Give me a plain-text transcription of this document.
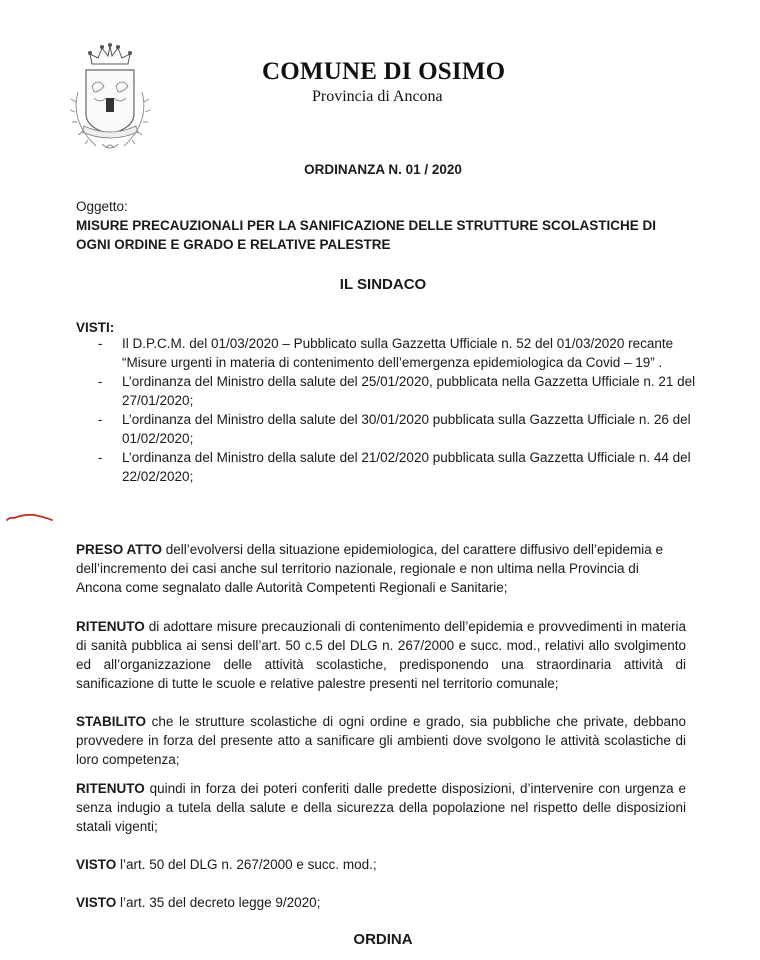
COMUNE DI OSIMO
Provincia di Ancona
ORDINANZA N. 01 / 2020
Oggetto:
MISURE PRECAUZIONALI PER LA SANIFICAZIONE DELLE STRUTTURE SCOLASTICHE DI OGNI ORDINE E GRADO E RELATIVE PALESTRE
IL SINDACO
VISTI:
- Il D.P.C.M. del 01/03/2020 – Pubblicato sulla Gazzetta Ufficiale n. 52 del 01/03/2020 recante “Misure urgenti in materia di contenimento dell’emergenza epidemiologica da Covid – 19” .
- L’ordinanza del Ministro della salute del 25/01/2020, pubblicata nella Gazzetta Ufficiale n. 21 del 27/01/2020;
- L’ordinanza del Ministro della salute del 30/01/2020 pubblicata sulla Gazzetta Ufficiale n. 26 del 01/02/2020;
- L’ordinanza del Ministro della salute del 21/02/2020 pubblicata sulla Gazzetta Ufficiale n. 44 del 22/02/2020;
PRESO ATTO dell’evolversi della situazione epidemiologica, del carattere diffusivo dell’epidemia e dell’incremento dei casi anche sul territorio nazionale, regionale e non ultima nella Provincia di Ancona come segnalato dalle Autorità Competenti Regionali e Sanitarie;
RITENUTO di adottare misure precauzionali di contenimento dell’epidemia e provvedimenti in materia di sanità pubblica ai sensi dell’art. 50 c.5 del DLG n. 267/2000 e succ. mod., relativi allo svolgimento ed all’organizzazione delle attività scolastiche, predisponendo una straordinaria attività di sanificazione di tutte le scuole e relative palestre presenti nel territorio comunale;
STABILITO che le strutture scolastiche di ogni ordine e grado, sia pubbliche che private, debbano provvedere in forza del presente atto a sanificare gli ambienti dove svolgono le attività scolastiche di loro competenza;
RITENUTO quindi in forza dei poteri conferiti dalle predette disposizioni, d’intervenire con urgenza e senza indugio a tutela della salute e della sicurezza della popolazione nel rispetto delle disposizioni statali vigenti;
VISTO l’art. 50 del DLG n. 267/2000 e succ. mod.;
VISTO l’art. 35 del decreto legge 9/2020;
ORDINA
